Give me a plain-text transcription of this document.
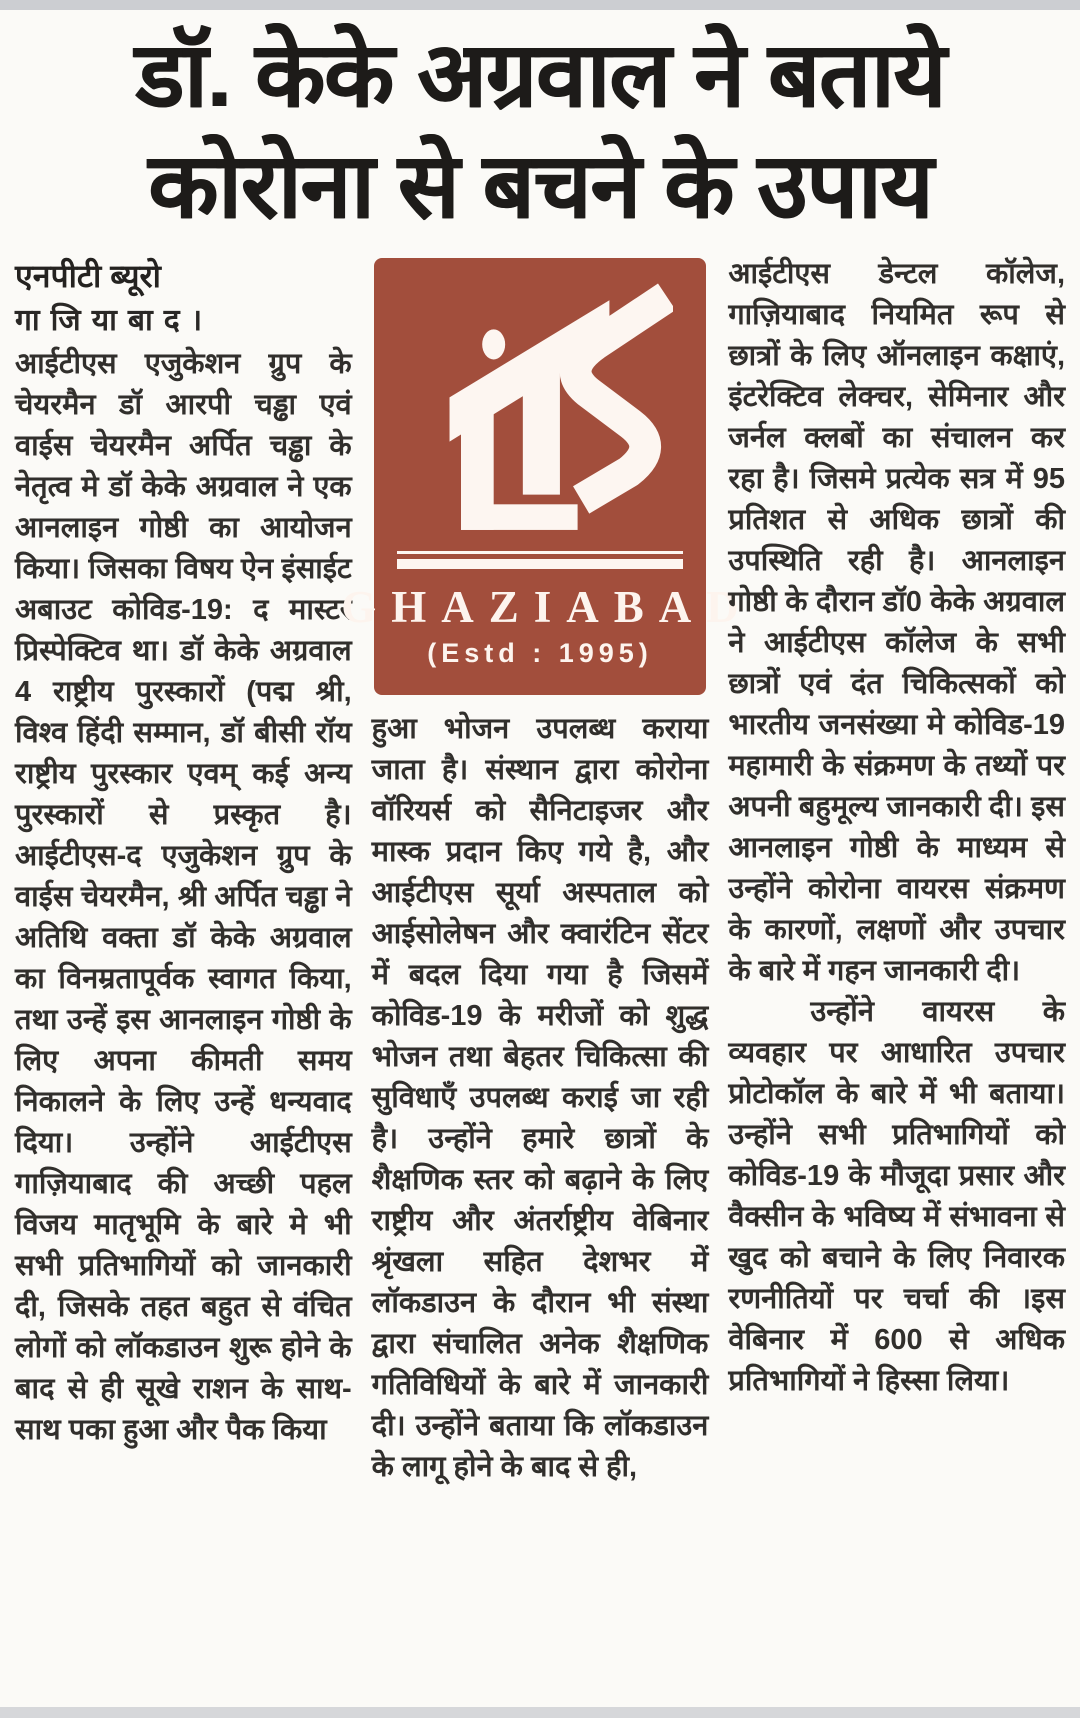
डॉ. केके अग्रवाल ने बताये
कोरोना से बचने के उपाय
एनपीटी ब्यूरो
गाजियाबाद।
आईटीएस एजुकेशन ग्रुप के चेयरमैन डॉ आरपी चड्ढा एवं वाईस चेयरमैन अर्पित चड्ढा के नेतृत्व मे डॉ केके अग्रवाल ने एक आनलाइन गोष्ठी का आयोजन किया। जिसका विषय ऐन इंसाईट अबाउट कोविड-19: द मास्टर प्रिस्पेक्टिव था। डॉ केके अग्रवाल 4 राष्ट्रीय पुरस्कारों (पद्म श्री, विश्व हिंदी सम्मान, डॉ बीसी रॉय राष्ट्रीय पुरस्कार एवम् कई अन्य पुरस्कारों से प्रस्कृत है। आईटीएस-द एजुकेशन ग्रुप के वाईस चेयरमैन, श्री अर्पित चड्ढा ने अतिथि वक्ता डॉ केके अग्रवाल का विनम्रतापूर्वक स्वागत किया, तथा उन्हें इस आनलाइन गोष्ठी के लिए अपना कीमती समय निकालने के लिए उन्हें धन्यवाद दिया। उन्होंने आईटीएस गाज़ियाबाद की अच्छी पहल विजय मातृभूमि के बारे मे भी सभी प्रतिभागियों को जानकारी दी, जिसके तहत बहुत से वंचित लोगों को लॉकडाउन शुरू होने के बाद से ही सूखे राशन के साथ-साथ पका हुआ और पैक किया
GHAZIABAD
(Estd : 1995)
हुआ भोजन उपलब्ध कराया जाता है। संस्थान द्वारा कोरोना वॉरियर्स को सैनिटाइजर और मास्क प्रदान किए गये है, और आईटीएस सूर्या अस्पताल को आईसोलेषन और क्वारंटिन सेंटर में बदल दिया गया है जिसमें कोविड-19 के मरीजों को शुद्ध भोजन तथा बेहतर चिकित्सा की सुविधाएँ उपलब्ध कराई जा रही है। उन्होंने हमारे छात्रों के शैक्षणिक स्तर को बढ़ाने के लिए राष्ट्रीय और अंतर्राष्ट्रीय वेबिनार श्रृंखला सहित देशभर में लॉकडाउन के दौरान भी संस्था द्वारा संचालित अनेक शैक्षणिक गतिविधियों के बारे में जानकारी दी। उन्होंने बताया कि लॉकडाउन के लागू होने के बाद से ही,
आईटीएस डेन्टल कॉलेज, गाज़ियाबाद नियमित रूप से छात्रों के लिए ऑनलाइन कक्षाएं, इंटरेक्टिव लेक्चर, सेमिनार और जर्नल क्लबों का संचालन कर रहा है। जिसमे प्रत्येक सत्र में 95 प्रतिशत से अधिक छात्रों की उपस्थिति रही है। आनलाइन गोष्ठी के दौरान डॉ0 केके अग्रवाल ने आईटीएस कॉलेज के सभी छात्रों एवं दंत चिकित्सकों को भारतीय जनसंख्या मे कोविड-19 महामारी के संक्रमण के तथ्यों पर अपनी बहुमूल्य जानकारी दी। इस आनलाइन गोष्ठी के माध्यम से उन्होंने कोरोना वायरस संक्रमण के कारणों, लक्षणों और उपचार के बारे में गहन जानकारी दी।
उन्होंने वायरस के व्यवहार पर आधारित उपचार प्रोटोकॉल के बारे में भी बताया। उन्होंने सभी प्रतिभागियों को कोविड-19 के मौजूदा प्रसार और वैक्सीन के भविष्य में संभावना से खुद को बचाने के लिए निवारक रणनीतियों पर चर्चा की ।इस वेबिनार में 600 से अधिक प्रतिभागियों ने हिस्सा लिया।
